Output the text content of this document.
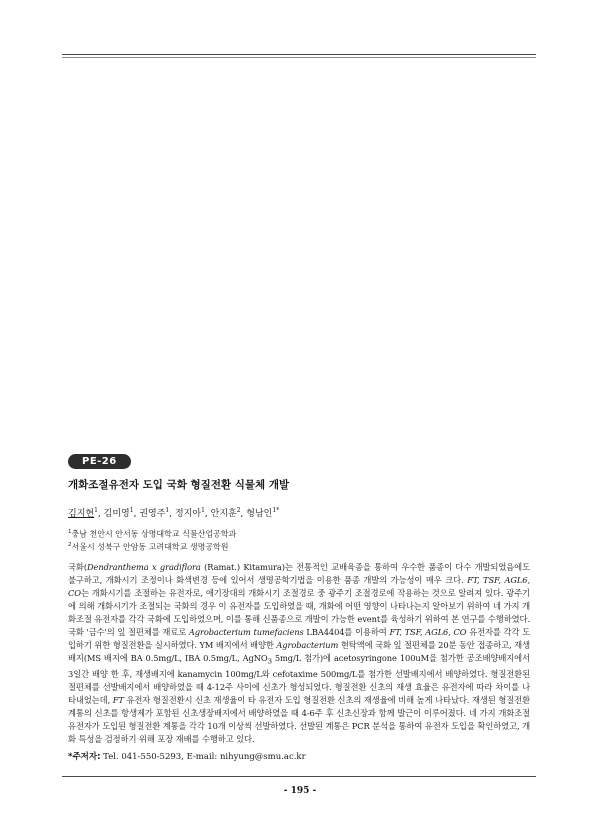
PE-26
개화조절유전자 도입 국화 형질전환 식물체 개발
김지현$^1$, 김미영$^1$, 권영주$^1$, 정지아$^1$, 안지훈$^2$, 형남인$^{1*}$
$^1$충남 천안시 안서동 상명대학교 식물산업공학과
$^2$서울시 성북구 안암동 고려대학교 생명공학원
국화(Dendranthema x gradiflora (Ramat.) Kitamura)는 전통적인 교배육종을 통하여 우수한 품종이 다수 개발되었음에도 불구하고, 개화시기 조정이나 화색변경 등에 있어서 생명공학기법을 이용한 품종 개발의 가능성이 매우 크다. FT, TSF, AGL6, CO는 개화시기를 조절하는 유전자로, 애기장대의 개화시기 조절경로 중 광주기 조절경로에 작용하는 것으로 알려져 있다. 광주기에 의해 개화시기가 조절되는 국화의 경우 이 유전자를 도입하였을 때, 개화에 어떤 영향이 나타나는지 알아보기 위하여 네 가지 개화조절 유전자를 각각 국화에 도입하였으며, 이를 통해 신품종으로 개발이 가능한 event를 육성하기 위하여 본 연구를 수행하였다. 국화 '금수'의 잎 절편체를 재료로 Agrobacterium tumefaciens LBA4404를 이용하여 FT, TSF, AGL6, CO 유전자를 각각 도입하기 위한 형질전환을 실시하였다. YM 배지에서 배양한 Agrobacterium 현탁액에 국화 잎 절편체를 20분 동안 접종하고, 재생배지(MS 배지에 BA 0.5mg/L, IBA 0.5mg/L, AgNO$_3$ 5mg/L 첨가)에 acetosyringone 100uM을 첨가한 공조배양배지에서 3일간 배양 한 후, 재생배지에 kanamycin 100mg/L와 cefotaxime 500mg/L를 첨가한 선발배지에서 배양하였다. 형질전환된 절편체를 선발배지에서 배양하였을 때 4-12주 사이에 신초가 형성되었다. 형질전환 신초의 재생 효율은 유전자에 따라 차이를 나타내었는데, FT 유전자 형질전환시 신초 재생율이 타 유전자 도입 형질전환 신초의 재생율에 비해 높게 나타났다. 재생된 형질전환 계통의 신초를 항생제가 포함된 신초생장배지에서 배양하였을 때 4-6주 후 신초신장과 함께 발근이 이루어졌다. 네 가지 개화조절유전자가 도입된 형질전환 계통을 각각 10개 이상씩 선발하였다. 선발된 계통은 PCR 분석을 통하여 유전자 도입을 확인하였고, 개화 특성을 검정하기 위해 포장 재배를 수행하고 있다.
*주저자: Tel. 041-550-5293, E-mail: nihyung@smu.ac.kr
- 195 -
